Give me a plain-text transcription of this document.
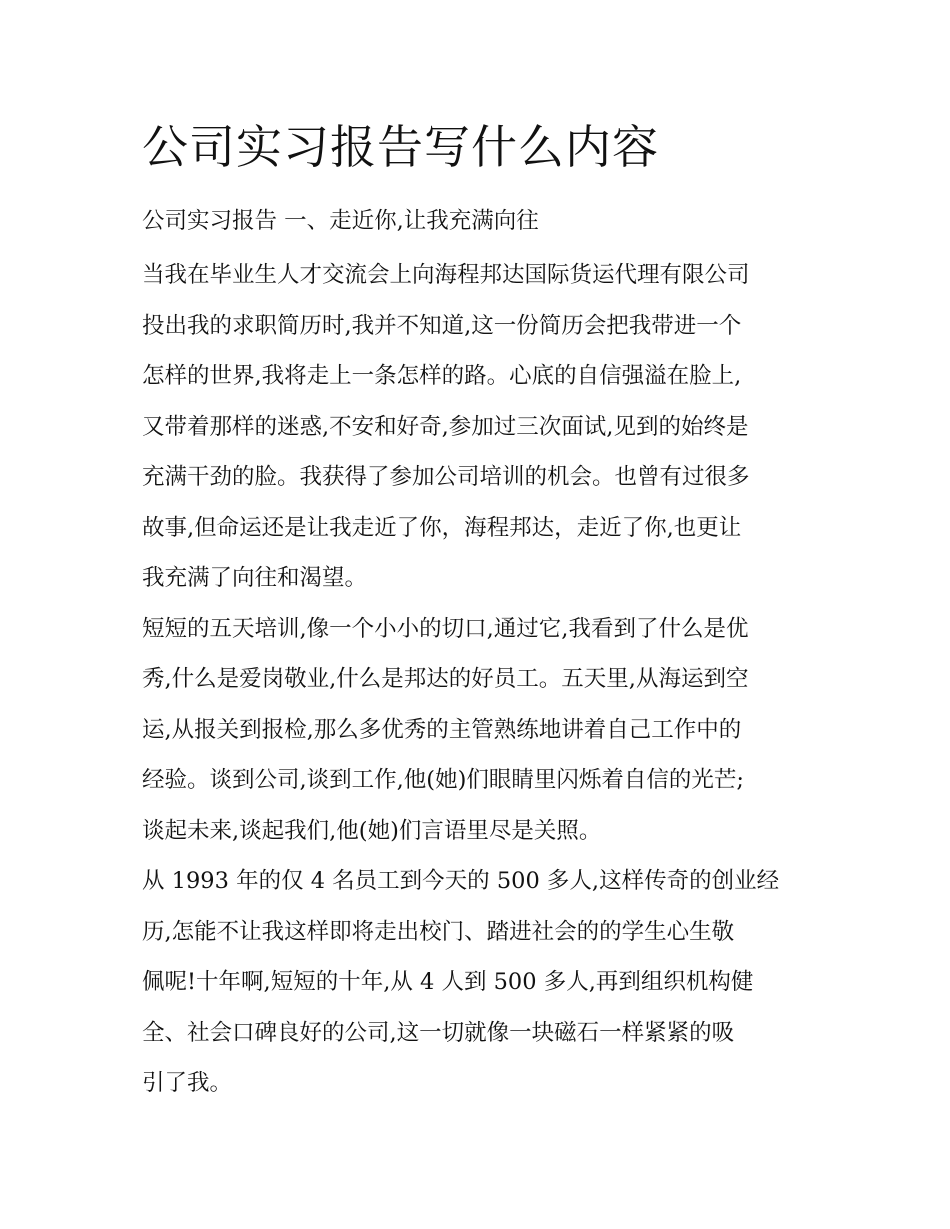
公司实习报告写什么内容

公司实习报告 一、走近你,让我充满向往

当我在毕业生人才交流会上向海程邦达国际货运代理有限公司
投出我的求职简历时,我并不知道,这一份简历会把我带进一个
怎样的世界,我将走上一条怎样的路。心底的自信强溢在脸上,
又带着那样的迷惑,不安和好奇,参加过三次面试,见到的始终是
充满干劲的脸。我获得了参加公司培训的机会。也曾有过很多
故事,但命运还是让我走近了你，海程邦达，走近了你,也更让
我充满了向往和渴望。

短短的五天培训,像一个小小的切口,通过它,我看到了什么是优
秀,什么是爱岗敬业,什么是邦达的好员工。五天里,从海运到空
运,从报关到报检,那么多优秀的主管熟练地讲着自己工作中的
经验。谈到公司,谈到工作,他(她)们眼睛里闪烁着自信的光芒;
谈起未来,谈起我们,他(她)们言语里尽是关照。

从 1993 年的仅 4 名员工到今天的 500 多人,这样传奇的创业经
历,怎能不让我这样即将走出校门、踏进社会的的学生心生敬
佩呢!十年啊,短短的十年,从 4 人到 500 多人,再到组织机构健
全、社会口碑良好的公司,这一切就像一块磁石一样紧紧的吸
引了我。
